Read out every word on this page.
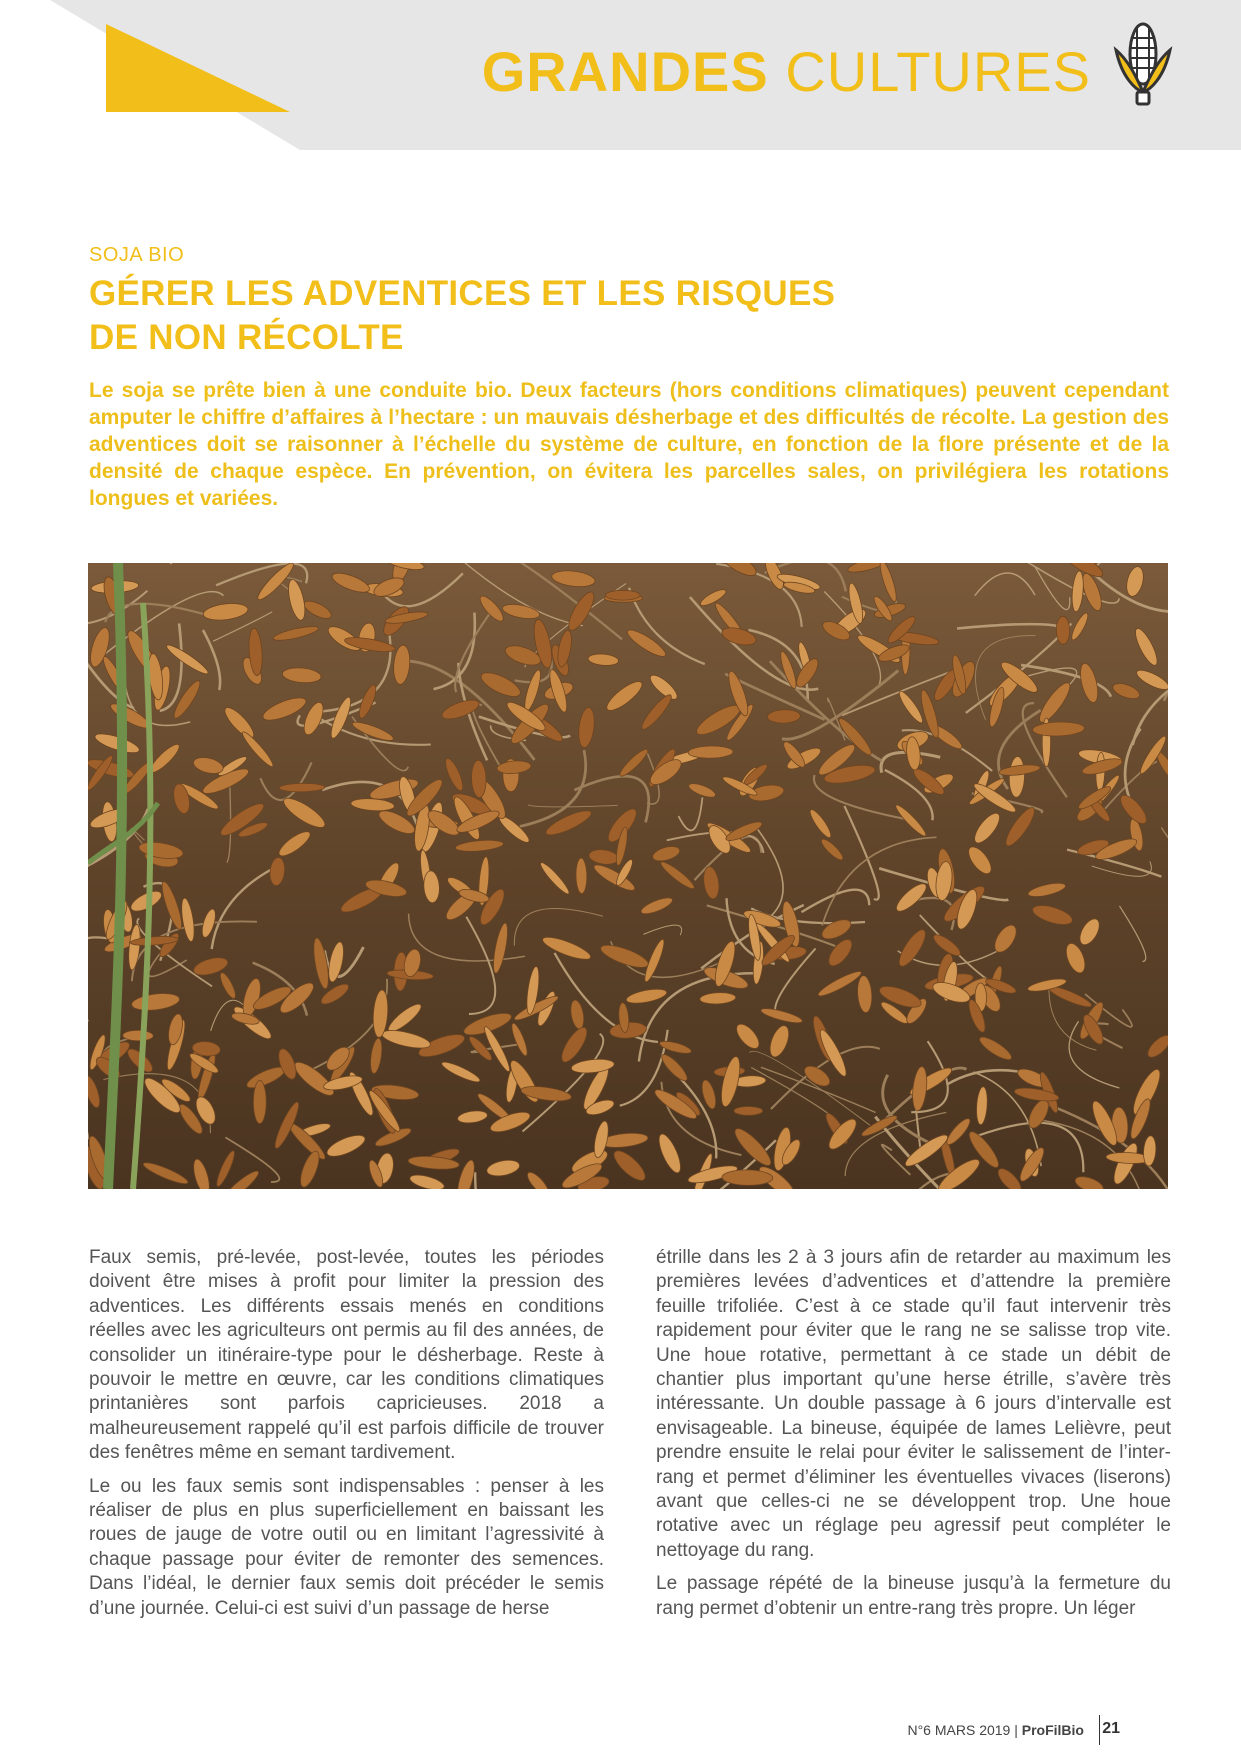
GRANDES CULTURES
SOJA BIO
GÉRER LES ADVENTICES ET LES RISQUES
DE NON RÉCOLTE
Le soja se prête bien à une conduite bio. Deux facteurs (hors conditions climatiques) peuvent cependant amputer le chiffre d’affaires à l’hectare : un mauvais désherbage et des difficultés de récolte. La gestion des adventices doit se raisonner à l’échelle du système de culture, en fonction de la flore présente et de la densité de chaque espèce. En prévention, on évitera les parcelles sales, on privilégiera les rotations longues et variées.

Faux semis, pré-levée, post-levée, toutes les périodes doivent être mises à profit pour limiter la pression des adventices. Les différents essais menés en conditions réelles avec les agriculteurs ont permis au fil des années, de consolider un itinéraire-type pour le désherbage. Reste à pouvoir le mettre en œuvre, car les conditions climatiques printanières sont parfois capricieuses. 2018 a malheureusement rappelé qu’il est parfois difficile de trouver des fenêtres même en semant tardivement.

Le ou les faux semis sont indispensables : penser à les réaliser de plus en plus superficiellement en baissant les roues de jauge de votre outil ou en limitant l’agressivité à chaque passage pour éviter de remonter des semences. Dans l’idéal, le dernier faux semis doit précéder le semis d’une journée. Celui-ci est suivi d’un passage de herse

étrille dans les 2 à 3 jours afin de retarder au maximum les premières levées d’adventices et d’attendre la première feuille trifoliée. C’est à ce stade qu’il faut intervenir très rapidement pour éviter que le rang ne se salisse trop vite. Une houe rotative, permettant à ce stade un débit de chantier plus important qu’une herse étrille, s’avère très intéressante. Un double passage à 6 jours d’intervalle est envisageable. La bineuse, équipée de lames Lelièvre, peut prendre ensuite le relai pour éviter le salissement de l’inter-rang et permet d’éliminer les éventuelles vivaces (liserons) avant que celles-ci ne se développent trop. Une houe rotative avec un réglage peu agressif peut compléter le nettoyage du rang.

Le passage répété de la bineuse jusqu’à la fermeture du rang permet d’obtenir un entre-rang très propre. Un léger

N°6 MARS 2019 | ProFilBio 21
